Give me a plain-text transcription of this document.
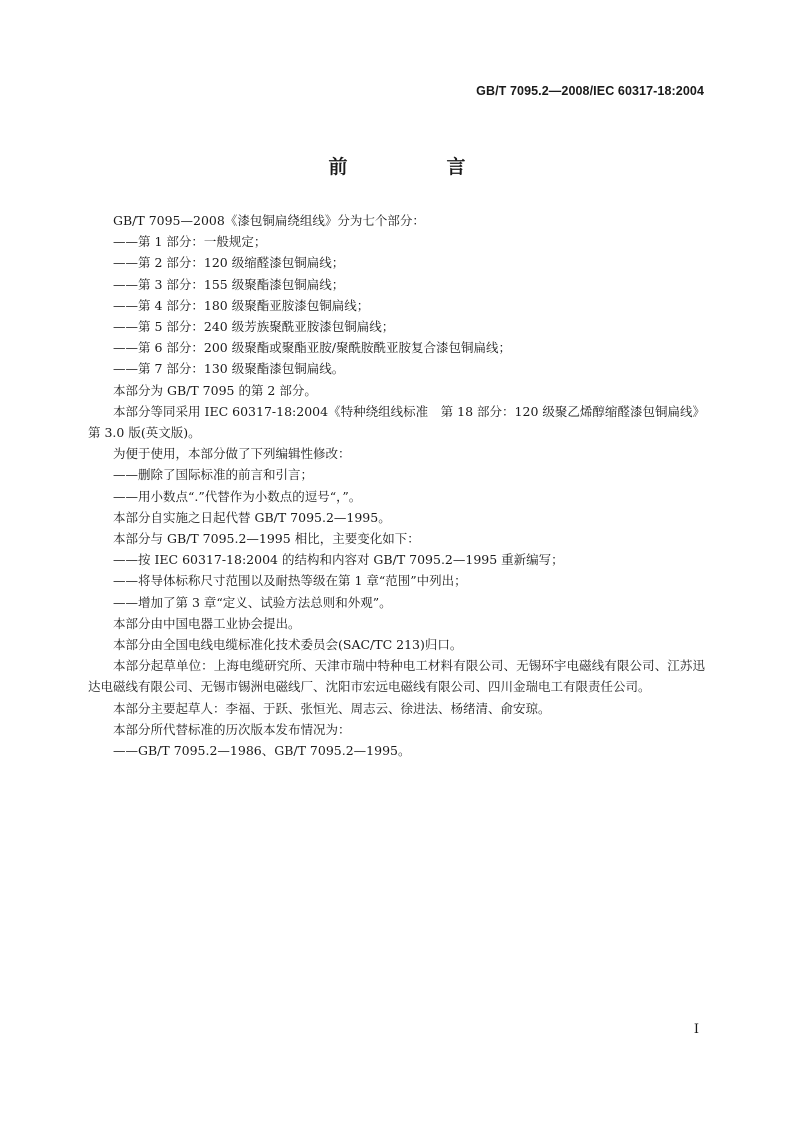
GB/T 7095.2—2008/IEC 60317-18:2004
前　言

GB/T 7095—2008《漆包铜扁绕组线》分为七个部分：

——第 1 部分：一般规定；

——第 2 部分：120 级缩醛漆包铜扁线；

——第 3 部分：155 级聚酯漆包铜扁线；

——第 4 部分：180 级聚酯亚胺漆包铜扁线；

——第 5 部分：240 级芳族聚酰亚胺漆包铜扁线；

——第 6 部分：200 级聚酯或聚酯亚胺/聚酰胺酰亚胺复合漆包铜扁线；

——第 7 部分：130 级聚酯漆包铜扁线。

本部分为 GB/T 7095 的第 2 部分。

本部分等同采用 IEC 60317-18:2004《特种绕组线标准　第 18 部分：120 级聚乙烯醇缩醛漆包铜扁线》第 3.0 版(英文版)。

为便于使用，本部分做了下列编辑性修改：

——删除了国际标准的前言和引言；

——用小数点“.”代替作为小数点的逗号“，”。

本部分自实施之日起代替 GB/T 7095.2—1995。

本部分与 GB/T 7095.2—1995 相比，主要变化如下：

——按 IEC 60317-18:2004 的结构和内容对 GB/T 7095.2—1995 重新编写；

——将导体标称尺寸范围以及耐热等级在第 1 章“范围”中列出；

——增加了第 3 章“定义、试验方法总则和外观”。

本部分由中国电器工业协会提出。

本部分由全国电线电缆标准化技术委员会(SAC/TC 213)归口。

本部分起草单位：上海电缆研究所、天津市瑞中特种电工材料有限公司、无锡环宇电磁线有限公司、江苏迅达电磁线有限公司、无锡市锡洲电磁线厂、沈阳市宏远电磁线有限公司、四川金瑞电工有限责任公司。

本部分主要起草人：李福、于跃、张恒光、周志云、徐进法、杨绪清、俞安琼。

本部分所代替标准的历次版本发布情况为：

——GB/T 7095.2—1986、GB/T 7095.2—1995。

I
